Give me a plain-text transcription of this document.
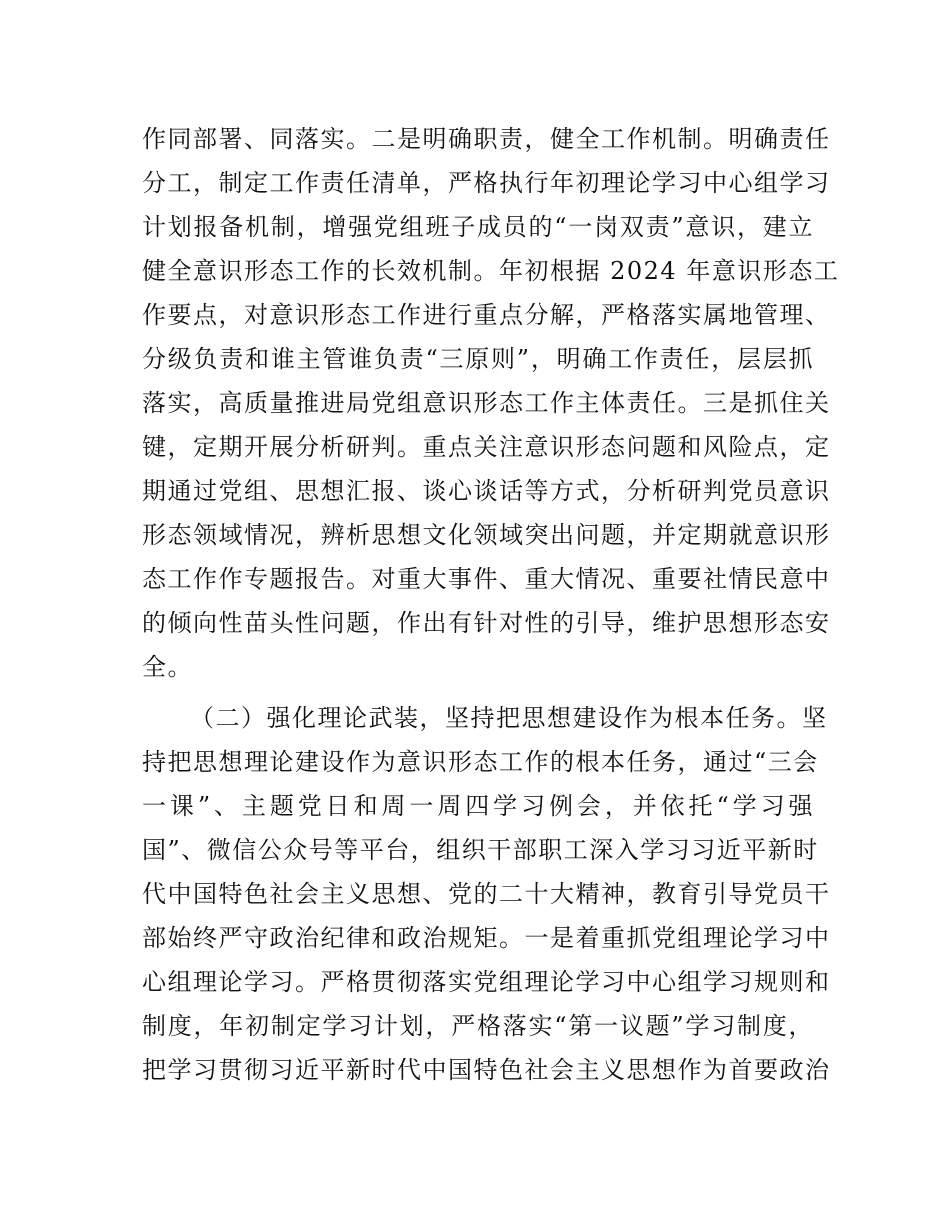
作同部署、同落实。二是明确职责，健全工作机制。明确责任
分工，制定工作责任清单，严格执行年初理论学习中心组学习
计划报备机制，增强党组班子成员的“一岗双责”意识，建立
健全意识形态工作的长效机制。年初根据 2024 年意识形态工
作要点，对意识形态工作进行重点分解，严格落实属地管理、
分级负责和谁主管谁负责“三原则”，明确工作责任，层层抓
落实，高质量推进局党组意识形态工作主体责任。三是抓住关
键，定期开展分析研判。重点关注意识形态问题和风险点，定
期通过党组、思想汇报、谈心谈话等方式，分析研判党员意识
形态领域情况，辨析思想文化领域突出问题，并定期就意识形
态工作作专题报告。对重大事件、重大情况、重要社情民意中
的倾向性苗头性问题，作出有针对性的引导，维护思想形态安
全。
（二）强化理论武装，坚持把思想建设作为根本任务。坚
持把思想理论建设作为意识形态工作的根本任务，通过“三会
一课”、主题党日和周一周四学习例会，并依托“学习强
国”、微信公众号等平台，组织干部职工深入学习习近平新时
代中国特色社会主义思想、党的二十大精神，教育引导党员干
部始终严守政治纪律和政治规矩。一是着重抓党组理论学习中
心组理论学习。严格贯彻落实党组理论学习中心组学习规则和
制度，年初制定学习计划，严格落实“第一议题”学习制度，
把学习贯彻习近平新时代中国特色社会主义思想作为首要政治
